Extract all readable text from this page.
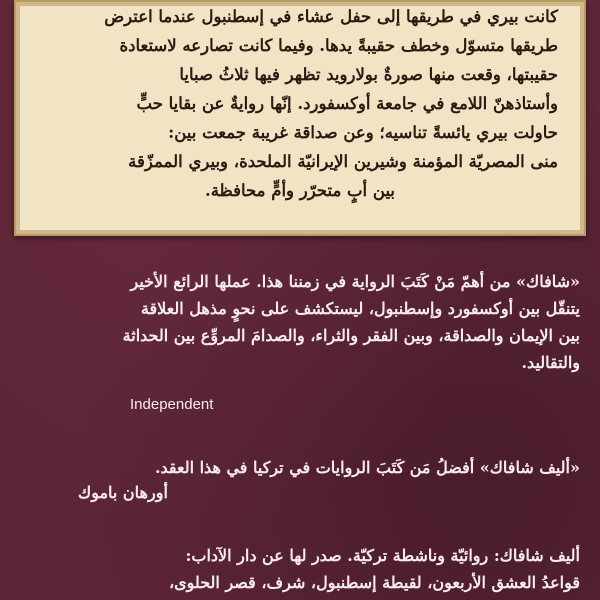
كانت بيري في طريقها إلى حفل عشاء في إسطنبول عندما اعترض

طريقها متسوّل وخطف حقيبةً يدها. وفيما كانت تصارعه لاستعادة

حقيبتها، وقعت منها صورةٌ بولارويد تظهر فيها ثلاثُ صبايا

وأستاذهنّ اللامع في جامعة أوكسفورد. إنّها روايةٌ عن بقايا حبٍّ

حاولت بيري يائسةً تناسيه؛ وعن صداقة غريبة جمعت بين:

منى المصريّة المؤمنة وشيرين الإيرانيّة الملحدة، وبيري الممزّقة

بين أبٍ متحرّر وأمٍّ محافظة.

«شافاك» من أهمّ مَنْ كَتَبَ الرواية في زمننا هذا. عملها الرائع الأخير

يتنقّل بين أوكسفورد وإسطنبول، ليستكشف على نحوٍ مذهل العلاقة

بين الإيمان والصداقة، وبين الفقر والثراء، والصدامَ المروِّع بين الحداثة

والتقاليد.

Independent

«أليف شافاك» أفضلُ مَن كَتَبَ الروايات في تركيا في هذا العقد.

أورهان باموك

أليف شافاك: روائيّة وناشطة تركيّة. صدر لها عن دار الآداب:

قواعدُ العشق الأربعون، لقيطة إسطنبول، شرف، قصر الحلوى،
